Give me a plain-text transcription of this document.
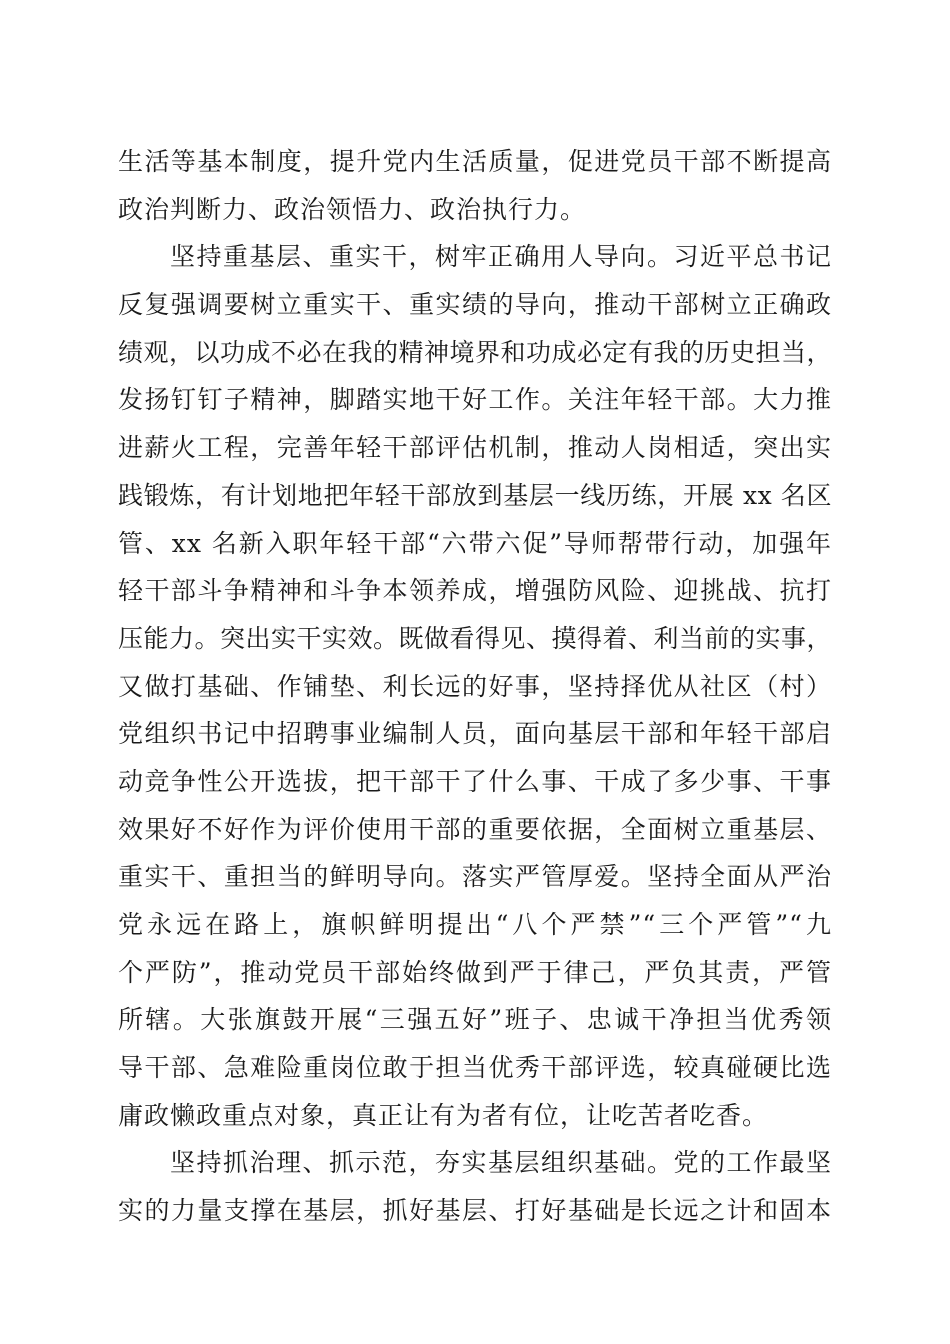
生活等基本制度，提升党内生活质量，促进党员干部不断提高
政治判断力、政治领悟力、政治执行力。
坚持重基层、重实干，树牢正确用人导向。习近平总书记
反复强调要树立重实干、重实绩的导向，推动干部树立正确政
绩观，以功成不必在我的精神境界和功成必定有我的历史担当，
发扬钉钉子精神，脚踏实地干好工作。关注年轻干部。大力推
进薪火工程，完善年轻干部评估机制，推动人岗相适，突出实
践锻炼，有计划地把年轻干部放到基层一线历练，开展 xx 名区
管、xx 名新入职年轻干部“六带六促”导师帮带行动，加强年
轻干部斗争精神和斗争本领养成，增强防风险、迎挑战、抗打
压能力。突出实干实效。既做看得见、摸得着、利当前的实事，
又做打基础、作铺垫、利长远的好事，坚持择优从社区（村）
党组织书记中招聘事业编制人员，面向基层干部和年轻干部启
动竞争性公开选拔，把干部干了什么事、干成了多少事、干事
效果好不好作为评价使用干部的重要依据，全面树立重基层、
重实干、重担当的鲜明导向。落实严管厚爱。坚持全面从严治
党永远在路上，旗帜鲜明提出“八个严禁”“三个严管”“九
个严防”，推动党员干部始终做到严于律己，严负其责，严管
所辖。大张旗鼓开展“三强五好”班子、忠诚干净担当优秀领
导干部、急难险重岗位敢于担当优秀干部评选，较真碰硬比选
庸政懒政重点对象，真正让有为者有位，让吃苦者吃香。
坚持抓治理、抓示范，夯实基层组织基础。党的工作最坚
实的力量支撑在基层，抓好基层、打好基础是长远之计和固本
